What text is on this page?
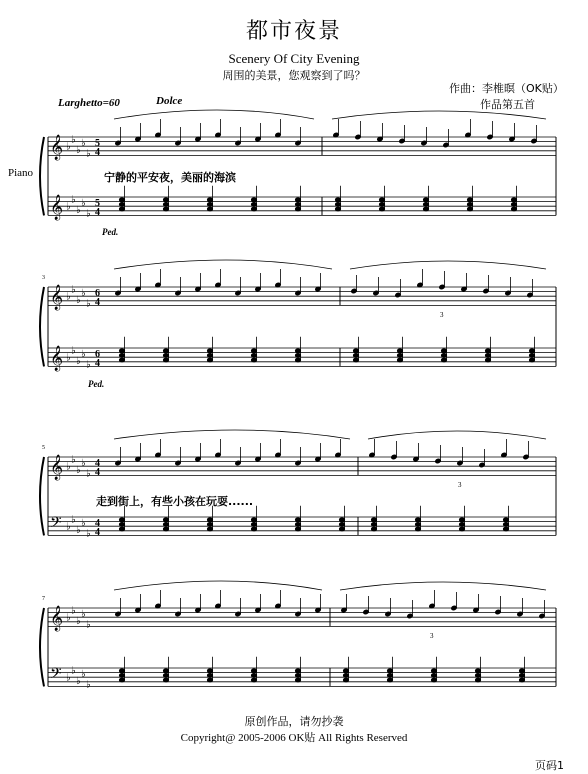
都市夜景
Scenery Of City Evening
周围的美景，您观察到了吗？
作曲：李椎暝（OK贴）
作品第五首
Larghetto=60	Dolce
Piano	宁静的平安夜，美丽的海滨
走到街上，有些小孩在玩耍......
原创作品，请勿抄袭
Copyright@ 2005-2006 OK贴 All Rights Reserved
页码1
𝄞
𝄞
𝄞
𝄞
𝄞
𝄢
𝄞
𝄢
♭
♭
♭
♭
♭
♭
♭
♭
♭
♭
♭
♭
♭
♭
♭
♭
♭
♭
♭
♭
♭
♭
♭
♭
♭
♭
♭
♭
♭
♭
♭
♭
♭
♭
♭
♭
♭
♭
♭
♭
5
4
5
4
6
4
6
4
4
4
4
4
3
3
5
3
7
3
Ped.
Ped.
